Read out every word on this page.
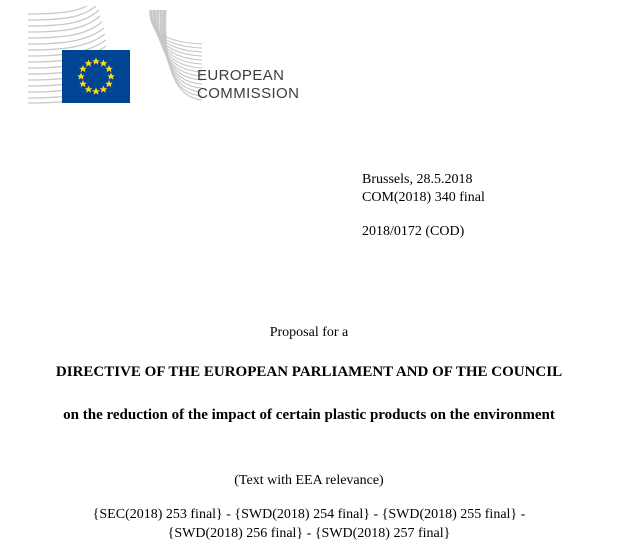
EUROPEAN
COMMISSION
Brussels, 28.5.2018
COM(2018) 340 final
2018/0172 (COD)
Proposal for a
DIRECTIVE OF THE EUROPEAN PARLIAMENT AND OF THE COUNCIL
on the reduction of the impact of certain plastic products on the environment
(Text with EEA relevance)
{SEC(2018) 253 final} - {SWD(2018) 254 final} - {SWD(2018) 255 final} -
{SWD(2018) 256 final} - {SWD(2018) 257 final}
